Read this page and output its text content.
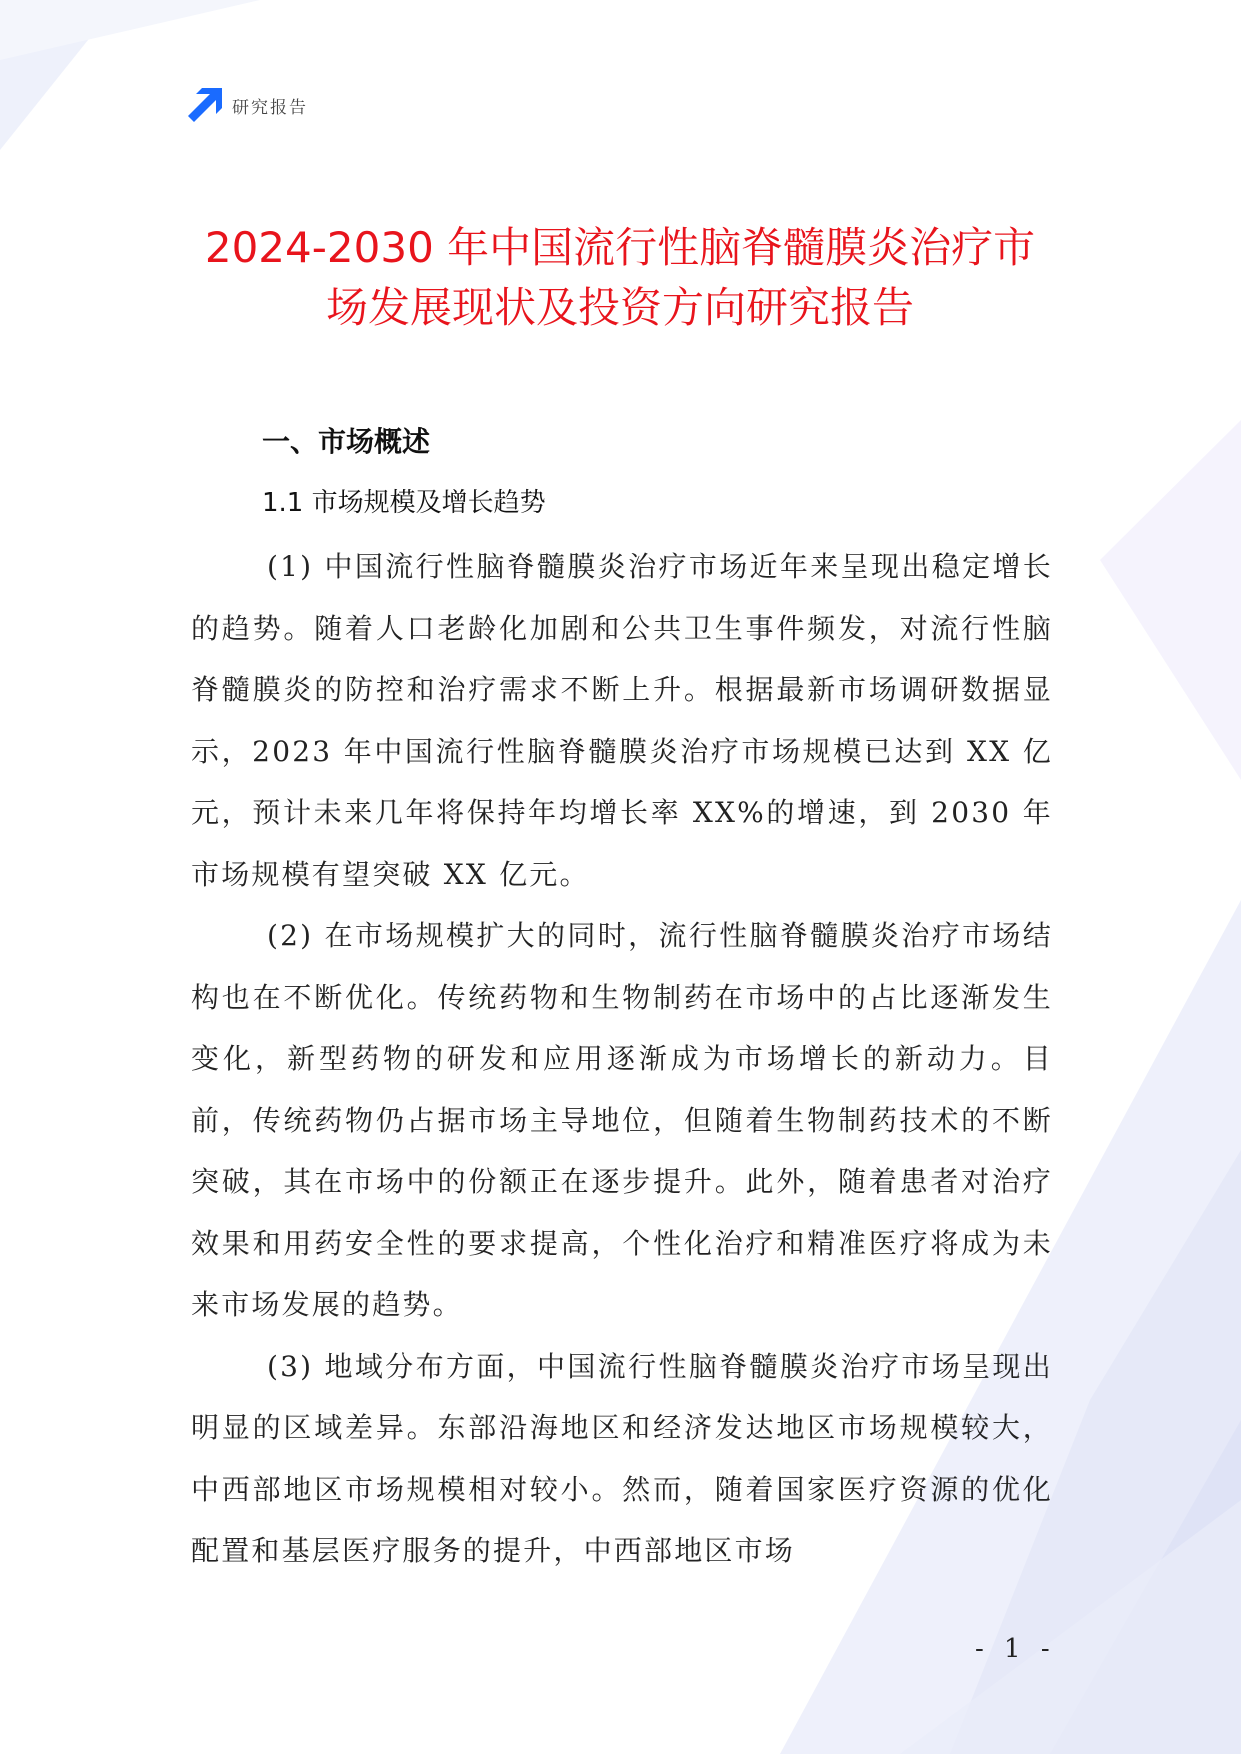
研究报告
2024-2030 年中国流行性脑脊髓膜炎治疗市
场发展现状及投资方向研究报告
一、市场概述
1.1 市场规模及增长趋势

(1) 中国流行性脑脊髓膜炎治疗市场近年来呈现出稳定增长的趋势。随着人口老龄化加剧和公共卫生事件频发，对流行性脑脊髓膜炎的防控和治疗需求不断上升。根据最新市场调研数据显示，2023 年中国流行性脑脊髓膜炎治疗市场规模已达到 XX 亿元，预计未来几年将保持年均增长率 XX%的增速，到 2030 年市场规模有望突破 XX 亿元。

(2) 在市场规模扩大的同时，流行性脑脊髓膜炎治疗市场结构也在不断优化。传统药物和生物制药在市场中的占比逐渐发生变化，新型药物的研发和应用逐渐成为市场增长的新动力。目前，传统药物仍占据市场主导地位，但随着生物制药技术的不断突破，其在市场中的份额正在逐步提升。此外，随着患者对治疗效果和用药安全性的要求提高，个性化治疗和精准医疗将成为未来市场发展的趋势。

(3) 地域分布方面，中国流行性脑脊髓膜炎治疗市场呈现出明显的区域差异。东部沿海地区和经济发达地区市场规模较大，中西部地区市场规模相对较小。然而，随着国家医疗资源的优化配置和基层医疗服务的提升，中西部地区市场

- 1 -
